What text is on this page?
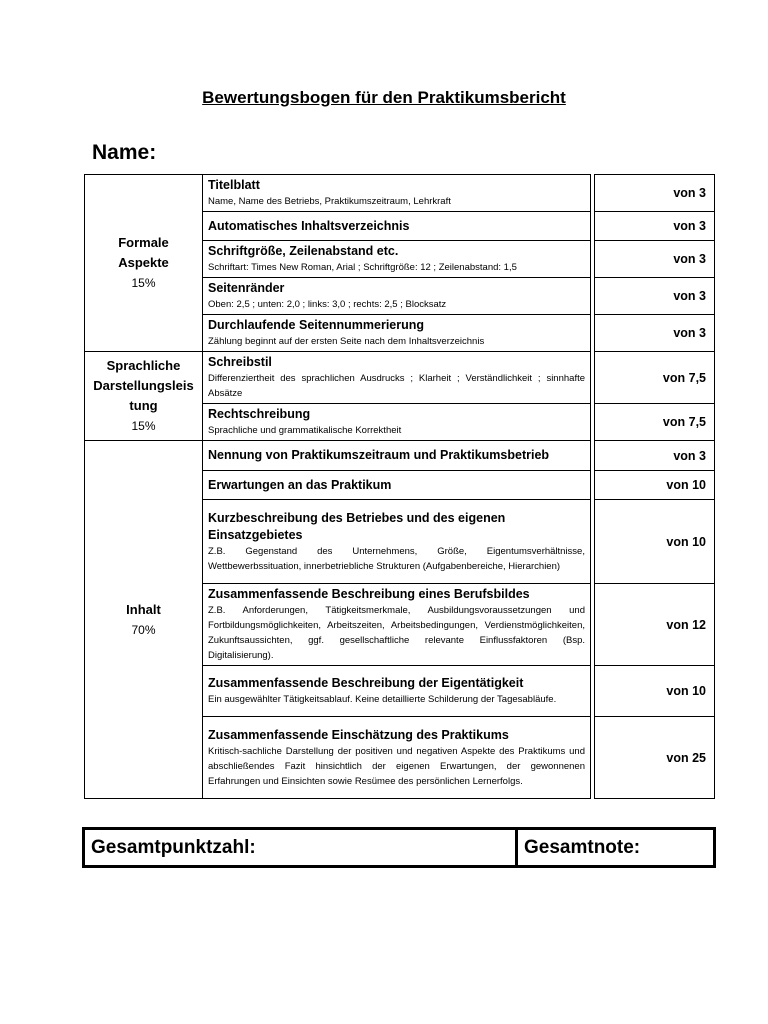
Bewertungsbogen für den Praktikumsbericht
Name:
Formale
Aspekte
15%	Titelblatt
Name, Name des Betriebs, Praktikumszeitraum, Lehrkraft		von 3

	Automatisches Inhaltsverzeichnis		von 3

	Schriftgröße, Zeilenabstand etc.
Schriftart: Times New Roman, Arial ; Schriftgröße: 12 ; Zeilenabstand: 1,5		von 3

	Seitenränder
Oben: 2,5 ; unten: 2,0 ; links: 3,0 ; rechts: 2,5 ; Blocksatz		von 3

	Durchlaufende Seitennummerierung
Zählung beginnt auf der ersten Seite nach dem Inhaltsverzeichnis		von 3

Sprachliche
Darstellungsleis
tung
15%	Schreibstil
Differenziertheit des sprachlichen Ausdrucks ; Klarheit ; Verständlichkeit ; sinnhafte Absätze		von 7,5

	Rechtschreibung
Sprachliche und grammatikalische Korrektheit		von 7,5

Inhalt
70%	Nennung von Praktikumszeitraum und Praktikumsbetrieb		von 3

	Erwartungen an das Praktikum		von 10

	Kurzbeschreibung des Betriebes und des eigenen Einsatzgebietes
Z.B. Gegenstand des Unternehmens, Größe, Eigentumsverhältnisse, Wettbewerbssituation, innerbetriebliche Strukturen (Aufgabenbereiche, Hierarchien)		von 10

	Zusammenfassende Beschreibung eines Berufsbildes
Z.B. Anforderungen, Tätigkeitsmerkmale, Ausbildungsvoraussetzungen und Fortbildungsmöglichkeiten, Arbeitszeiten, Arbeitsbedingungen, Verdienstmöglichkeiten, Zukunftsaussichten, ggf. gesellschaftliche relevante Einflussfaktoren (Bsp. Digitalisierung).		von 12

	Zusammenfassende Beschreibung der Eigentätigkeit
Ein ausgewählter Tätigkeitsablauf. Keine detaillierte Schilderung der Tagesabläufe.		von 10

	Zusammenfassende Einschätzung des Praktikums
Kritisch-sachliche Darstellung der positiven und negativen Aspekte des Praktikums und abschließendes Fazit hinsichtlich der eigenen Erwartungen, der gewonnenen Erfahrungen und Einsichten sowie Resümee des persönlichen Lernerfolgs.		von 25
Gesamtpunktzahl:	Gesamtnote:
